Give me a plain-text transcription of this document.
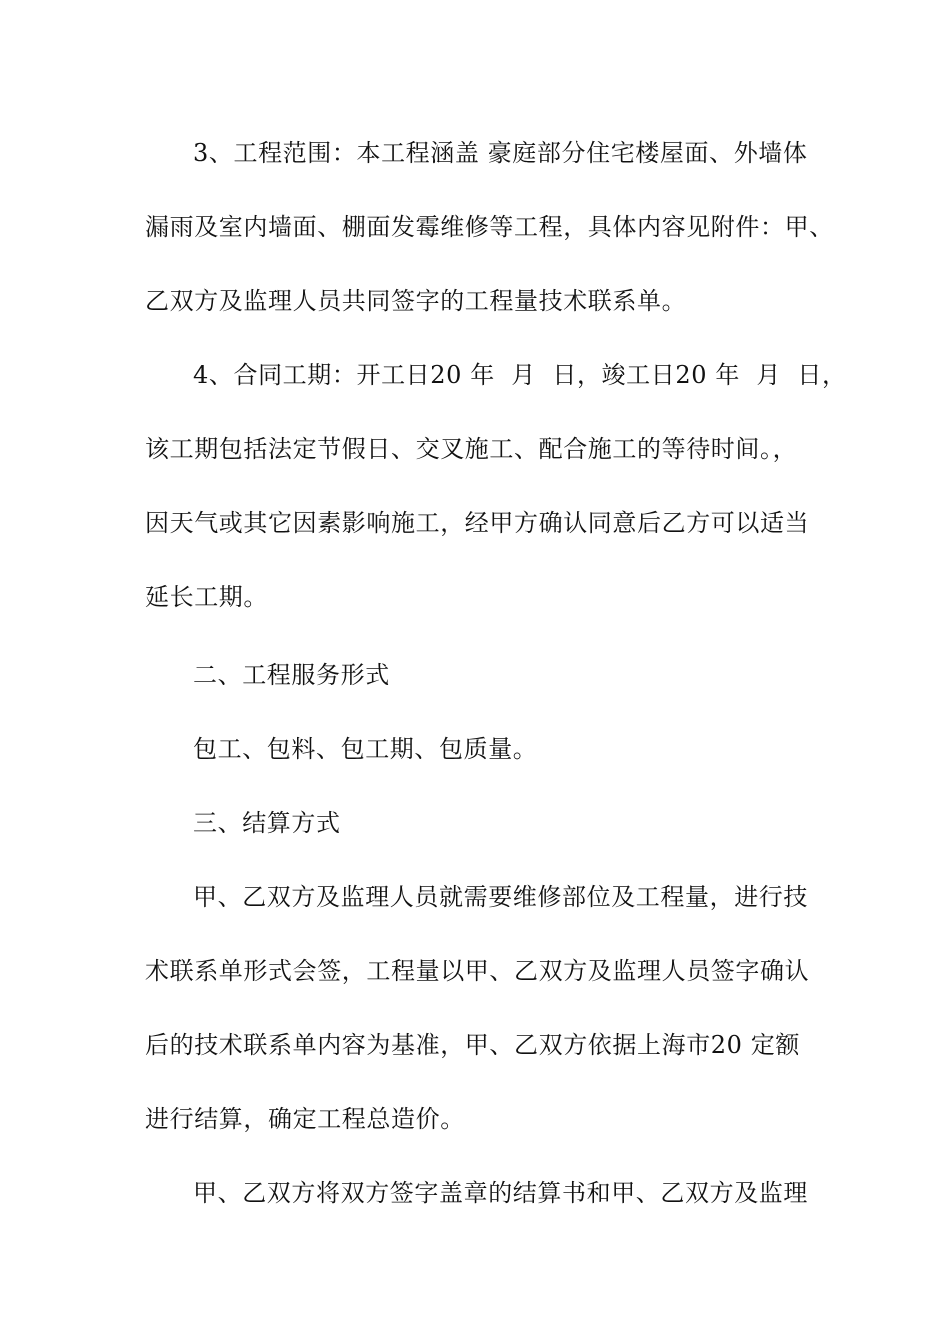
3、工程范围：本工程涵盖 豪庭部分住宅楼屋面、外墙体
漏雨及室内墙面、棚面发霉维修等工程，具体内容见附件：甲、
乙双方及监理人员共同签字的工程量技术联系单。
4、合同工期：开工日20 年  月  日，竣工日20 年  月  日，
该工期包括法定节假日、交叉施工、配合施工的等待时间。，
因天气或其它因素影响施工，经甲方确认同意后乙方可以适当
延长工期。
二、工程服务形式
包工、包料、包工期、包质量。
三、结算方式
甲、乙双方及监理人员就需要维修部位及工程量，进行技
术联系单形式会签，工程量以甲、乙双方及监理人员签字确认
后的技术联系单内容为基准，甲、乙双方依据上海市20 定额
进行结算，确定工程总造价。
甲、乙双方将双方签字盖章的结算书和甲、乙双方及监理
